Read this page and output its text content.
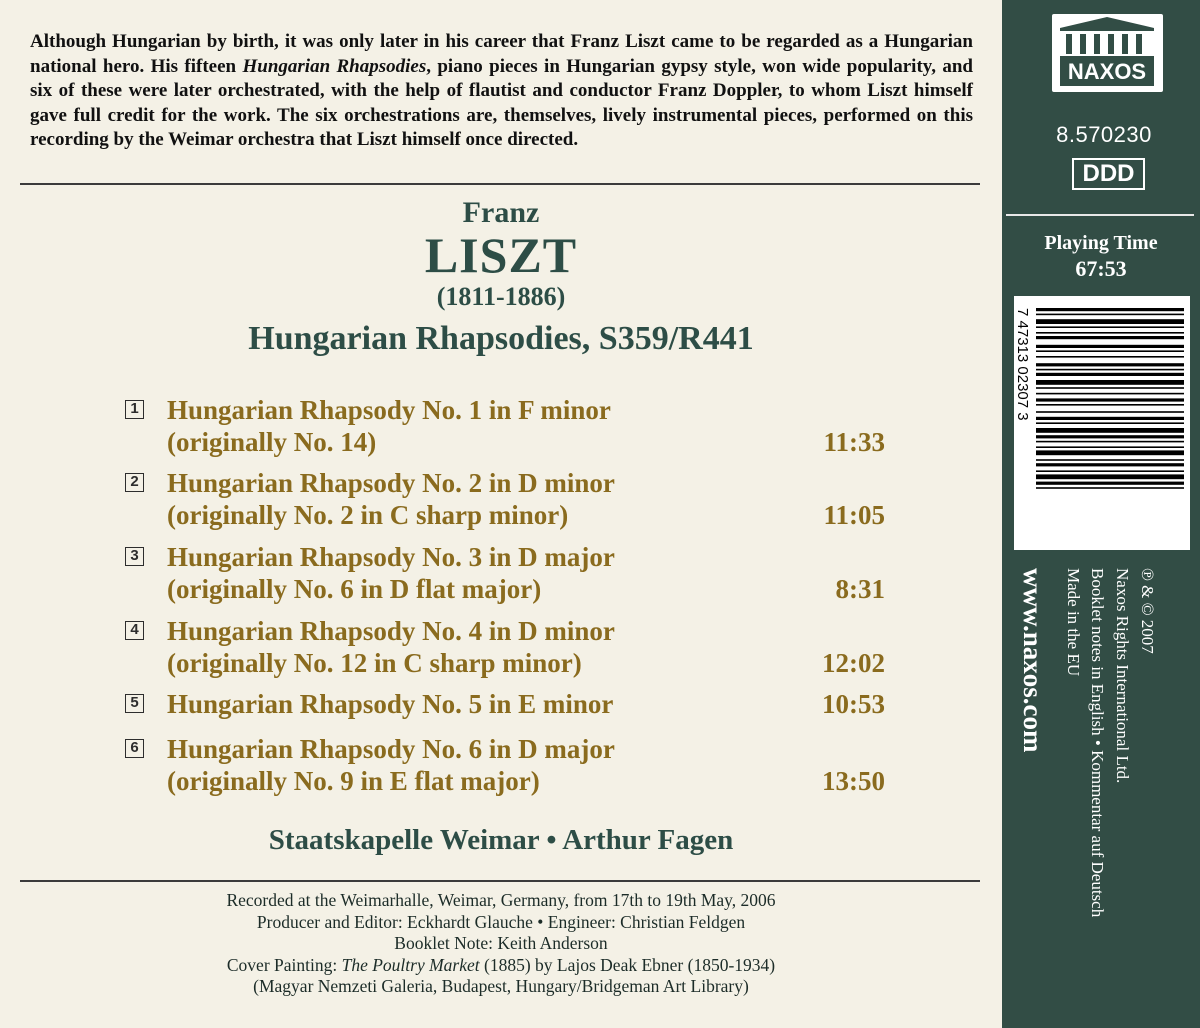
Although Hungarian by birth, it was only later in his career that Franz Liszt came to be regarded as a Hungarian national hero. His fifteen Hungarian Rhapsodies, piano pieces in Hungarian gypsy style, won wide popularity, and six of these were later orchestrated, with the help of flautist and conductor Franz Doppler, to whom Liszt himself gave full credit for the work. The six orchestrations are, themselves, lively instrumental pieces, performed on this recording by the Weimar orchestra that Liszt himself once directed.
Franz
LISZT
(1811-1886)
Hungarian Rhapsodies, S359/R441
1 Hungarian Rhapsody No. 1 in F minor
(originally No. 14)	11:33
2 Hungarian Rhapsody No. 2 in D minor
(originally No. 2 in C sharp minor)	11:05
3 Hungarian Rhapsody No. 3 in D major
(originally No. 6 in D flat major)	8:31
4 Hungarian Rhapsody No. 4 in D minor
(originally No. 12 in C sharp minor)	12:02
5 Hungarian Rhapsody No. 5 in E minor	10:53
6 Hungarian Rhapsody No. 6 in D major
(originally No. 9 in E flat major)	13:50
Staatskapelle Weimar • Arthur Fagen
Recorded at the Weimarhalle, Weimar, Germany, from 17th to 19th May, 2006
Producer and Editor: Eckhardt Glauche • Engineer: Christian Feldgen
Booklet Note: Keith Anderson
Cover Painting: The Poultry Market (1885) by Lajos Deak Ebner (1850-1934)
(Magyar Nemzeti Galeria, Budapest, Hungary/Bridgeman Art Library)
NAXOS
8.570230
DDD
Playing Time
67:53
7 47313 02307 3
www.naxos.com	℗ & © 2007
Naxos Rights International Ltd.
Booklet notes in English • Kommentar auf Deutsch
Made in the EU
